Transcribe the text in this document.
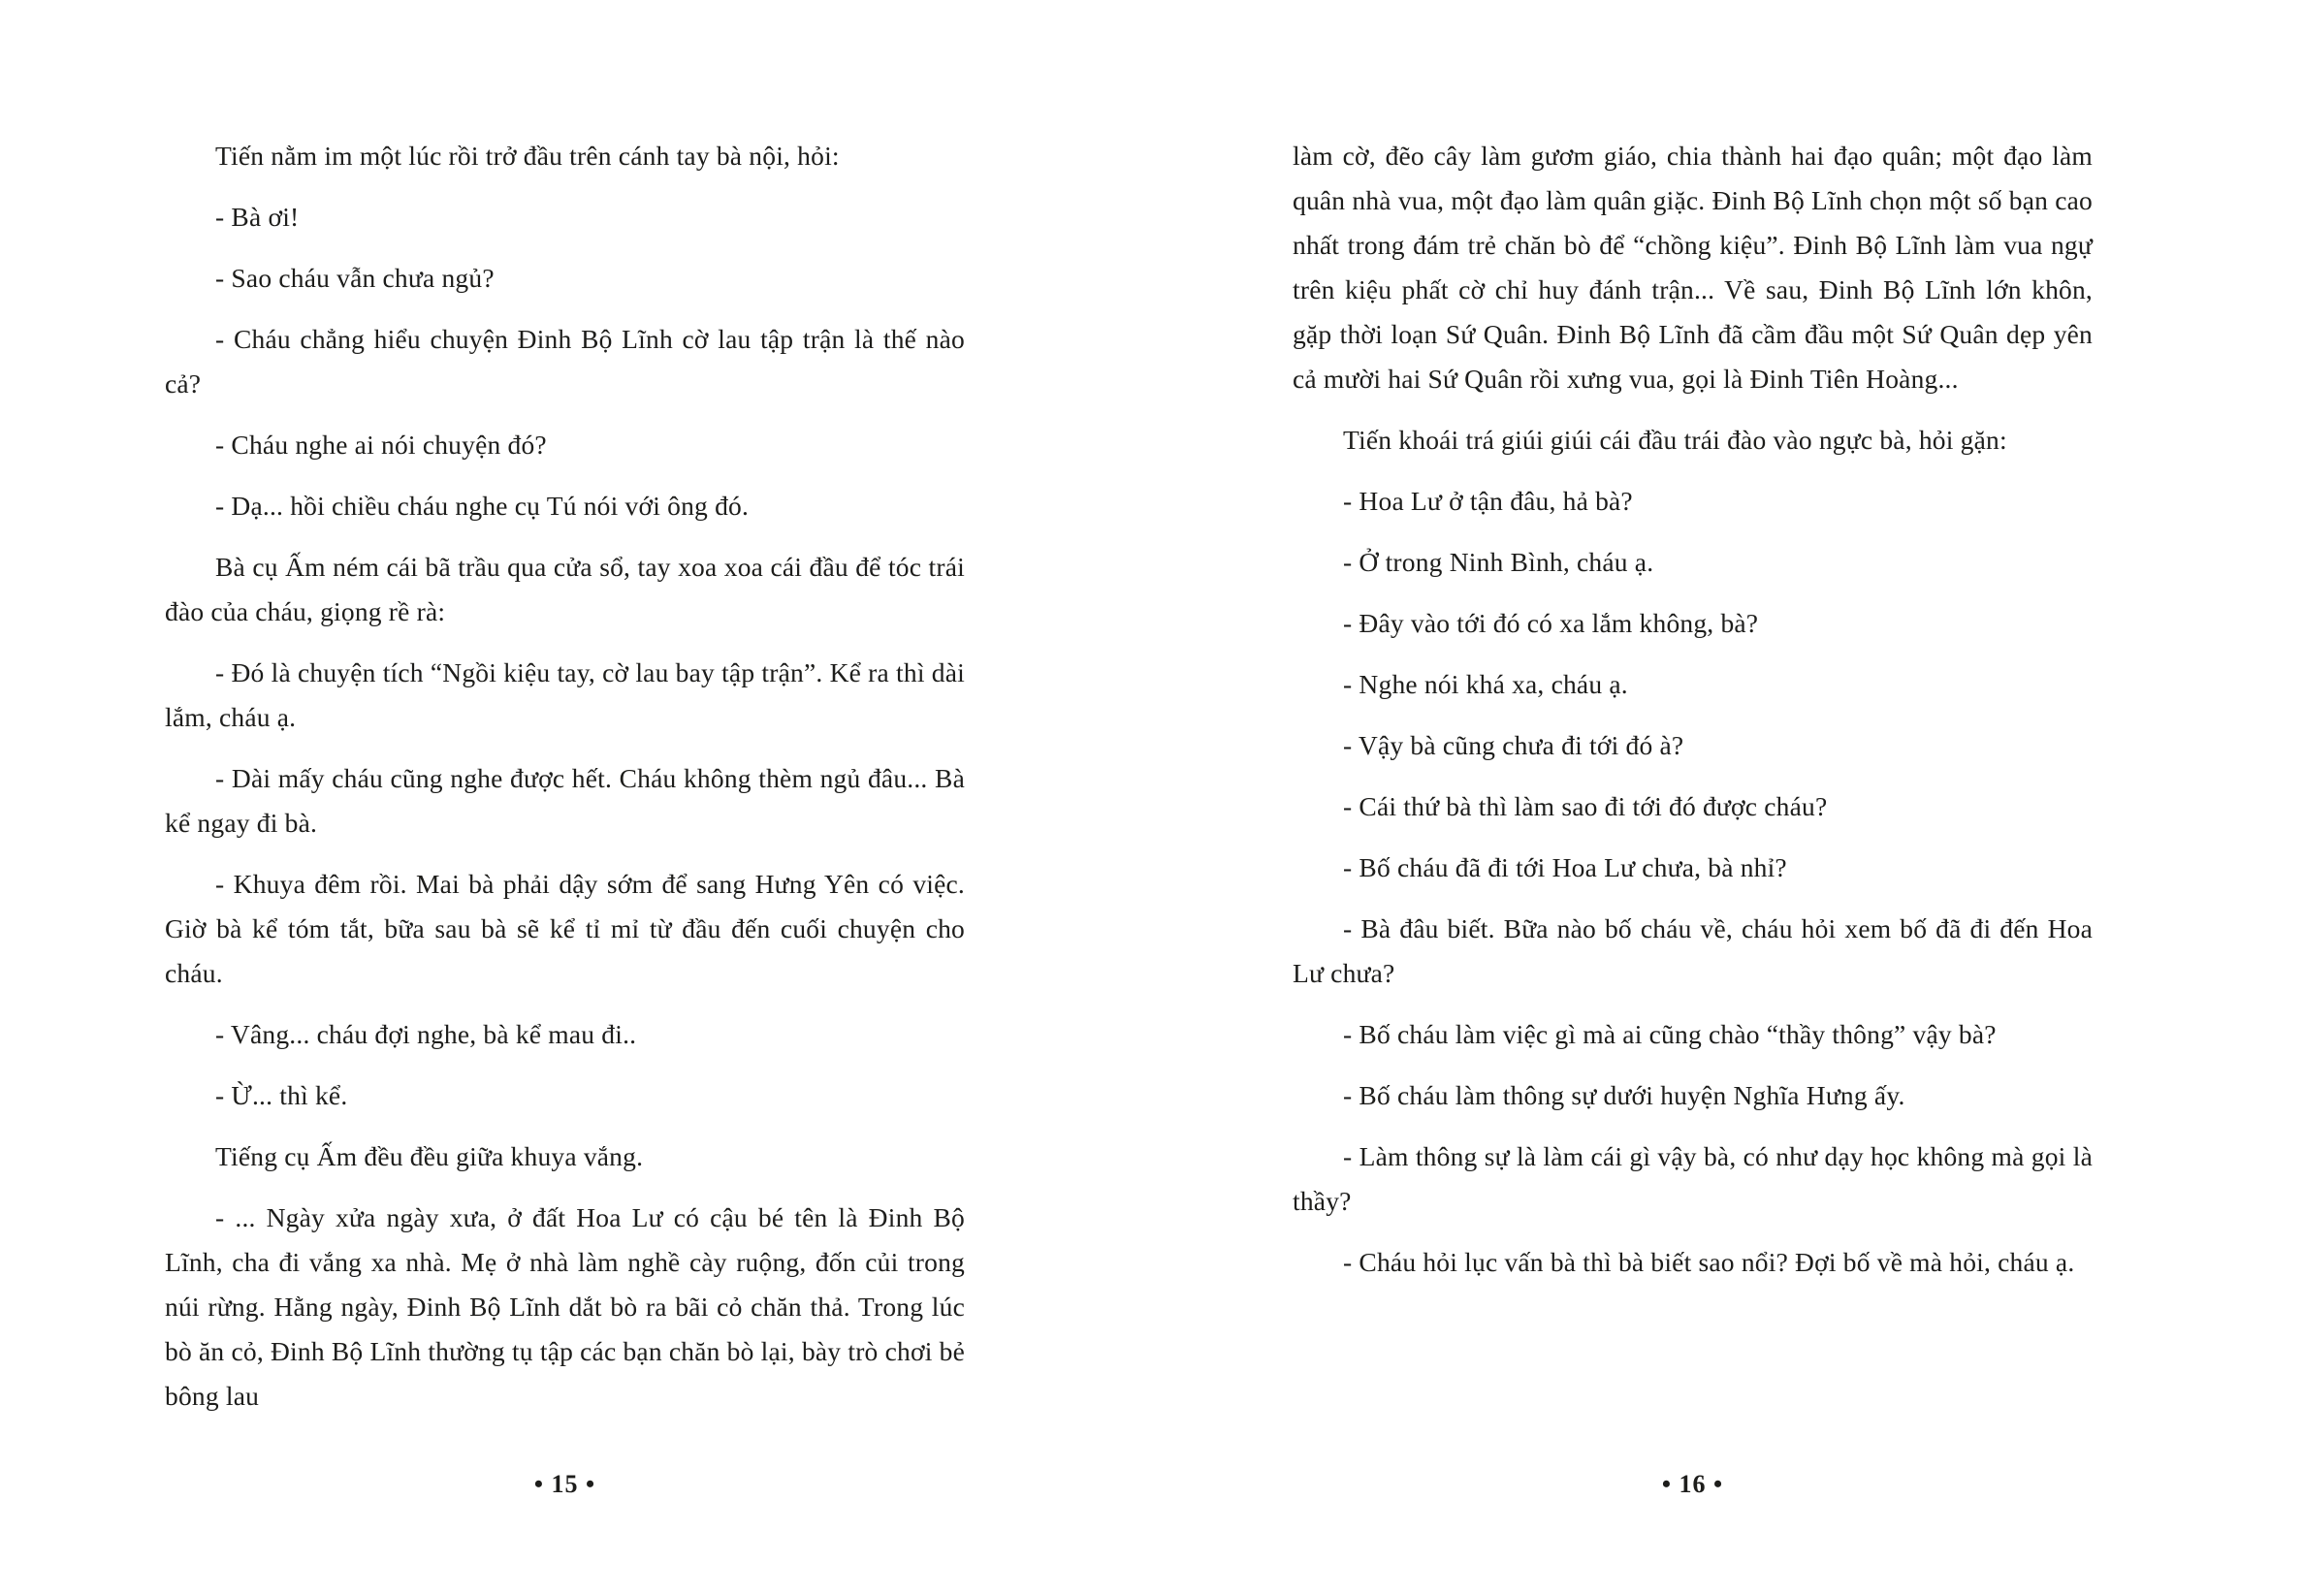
Tiến nằm im một lúc rồi trở đầu trên cánh tay bà nội, hỏi:

- Bà ơi!

- Sao cháu vẫn chưa ngủ?

- Cháu chẳng hiểu chuyện Đinh Bộ Lĩnh cờ lau tập trận là thế nào cả?

- Cháu nghe ai nói chuyện đó?

- Dạ... hồi chiều cháu nghe cụ Tú nói với ông đó.

Bà cụ Ấm ném cái bã trầu qua cửa sổ, tay xoa xoa cái đầu để tóc trái đào của cháu, giọng rề rà:

- Đó là chuyện tích “Ngồi kiệu tay, cờ lau bay tập trận”. Kể ra thì dài lắm, cháu ạ.

- Dài mấy cháu cũng nghe được hết. Cháu không thèm ngủ đâu... Bà kể ngay đi bà.

- Khuya đêm rồi. Mai bà phải dậy sớm để sang Hưng Yên có việc. Giờ bà kể tóm tắt, bữa sau bà sẽ kể tỉ mỉ từ đầu đến cuối chuyện cho cháu.

- Vâng... cháu đợi nghe, bà kể mau đi..

- Ừ... thì kể.

Tiếng cụ Ấm đều đều giữa khuya vắng.

- ... Ngày xửa ngày xưa, ở đất Hoa Lư có cậu bé tên là Đinh Bộ Lĩnh, cha đi vắng xa nhà. Mẹ ở nhà làm nghề cày ruộng, đốn củi trong núi rừng. Hằng ngày, Đinh Bộ Lĩnh dắt bò ra bãi cỏ chăn thả. Trong lúc bò ăn cỏ, Đinh Bộ Lĩnh thường tụ tập các bạn chăn bò lại, bày trò chơi bẻ bông lau

làm cờ, đẽo cây làm gươm giáo, chia thành hai đạo quân; một đạo làm quân nhà vua, một đạo làm quân giặc. Đinh Bộ Lĩnh chọn một số bạn cao nhất trong đám trẻ chăn bò để “chồng kiệu”. Đinh Bộ Lĩnh làm vua ngự trên kiệu phất cờ chỉ huy đánh trận... Về sau, Đinh Bộ Lĩnh lớn khôn, gặp thời loạn Sứ Quân. Đinh Bộ Lĩnh đã cầm đầu một Sứ Quân dẹp yên cả mười hai Sứ Quân rồi xưng vua, gọi là Đinh Tiên Hoàng...

Tiến khoái trá giúi giúi cái đầu trái đào vào ngực bà, hỏi gặn:

- Hoa Lư ở tận đâu, hả bà?

- Ở trong Ninh Bình, cháu ạ.

- Đây vào tới đó có xa lắm không, bà?

- Nghe nói khá xa, cháu ạ.

- Vậy bà cũng chưa đi tới đó à?

- Cái thứ bà thì làm sao đi tới đó được cháu?

- Bố cháu đã đi tới Hoa Lư chưa, bà nhỉ?

- Bà đâu biết. Bữa nào bố cháu về, cháu hỏi xem bố đã đi đến Hoa Lư chưa?

- Bố cháu làm việc gì mà ai cũng chào “thầy thông” vậy bà?

- Bố cháu làm thông sự dưới huyện Nghĩa Hưng ấy.

- Làm thông sự là làm cái gì vậy bà, có như dạy học không mà gọi là thầy?

- Cháu hỏi lục vấn bà thì bà biết sao nổi? Đợi bố về mà hỏi, cháu ạ.

• 15 •	• 16 •
